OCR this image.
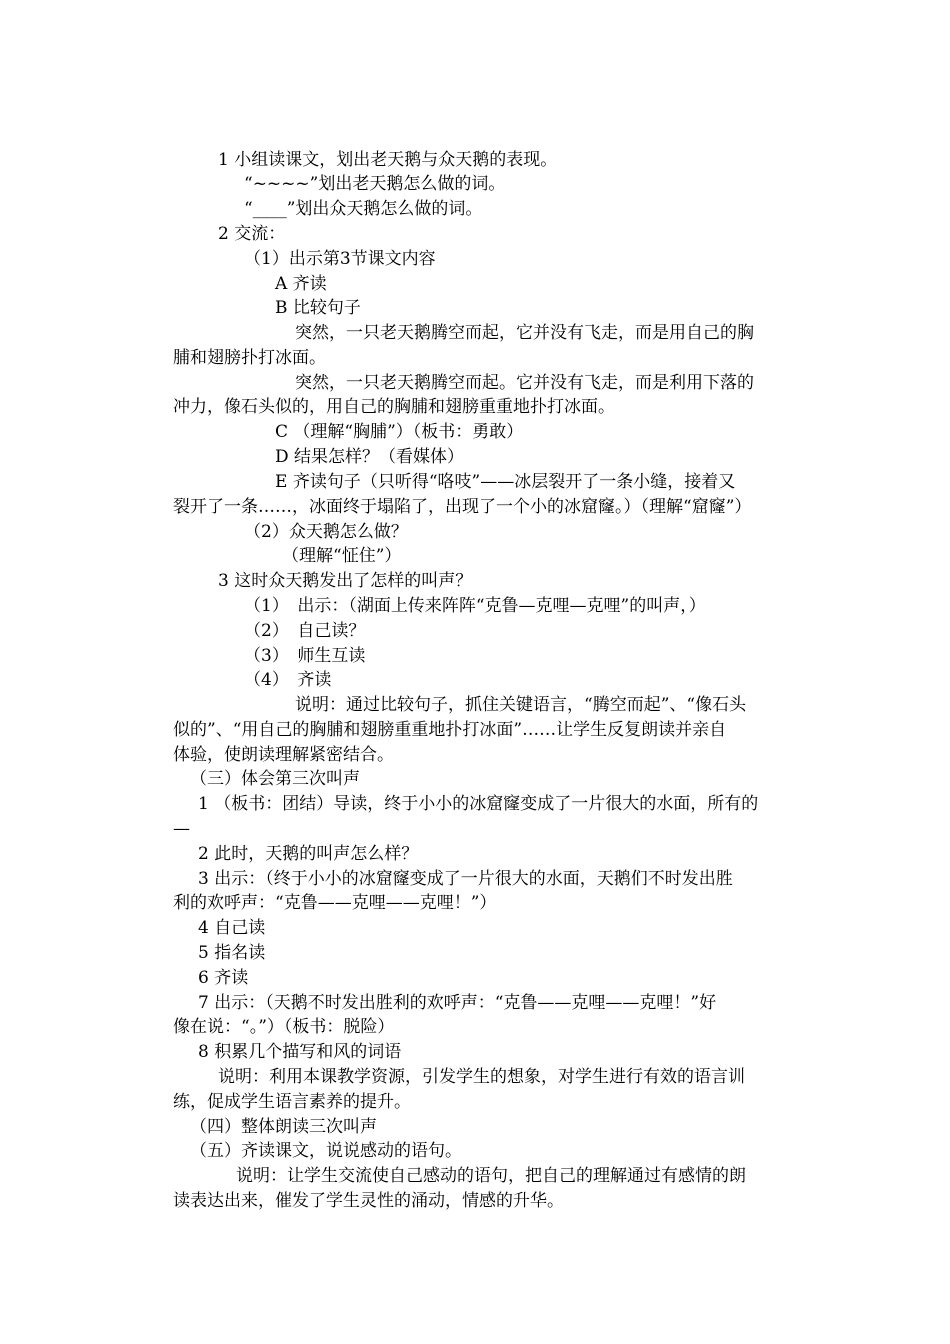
1 小组读课文，划出老天鹅与众天鹅的表现。
“~~~~”划出老天鹅怎么做的词。
“____”划出众天鹅怎么做的词。
2 交流：
（1）出示第3节课文内容
A 齐读
B 比较句子
突然，一只老天鹅腾空而起，它并没有飞走，而是用自己的胸
脯和翅膀扑打冰面。
突然，一只老天鹅腾空而起。它并没有飞走，而是利用下落的
冲力，像石头似的，用自己的胸脯和翅膀重重地扑打冰面。
C （理解“胸脯”）（板书：勇敢）
D 结果怎样？（看媒体）
E 齐读句子（只听得“咯吱”——冰层裂开了一条小缝，接着又
裂开了一条……，冰面终于塌陷了，出现了一个小的冰窟窿。）（理解“窟窿”）
（2）众天鹅怎么做？
（理解“怔住”）
3 这时众天鹅发出了怎样的叫声？
（1）　出示：（湖面上传来阵阵“克鲁—克哩—克哩”的叫声，）
（2）　自己读？
（3）　师生互读
（4）　齐读
说明：通过比较句子，抓住关键语言，“腾空而起”、“像石头
似的”、“用自己的胸脯和翅膀重重地扑打冰面”……让学生反复朗读并亲自
体验，使朗读理解紧密结合。
（三）体会第三次叫声
1 （板书：团结）导读，终于小小的冰窟窿变成了一片很大的水面，所有的
—
2 此时，天鹅的叫声怎么样？
3 出示：（终于小小的冰窟窿变成了一片很大的水面，天鹅们不时发出胜
利的欢呼声：“克鲁——克哩——克哩！”）
4 自己读
5 指名读
6 齐读
7 出示：（天鹅不时发出胜利的欢呼声：“克鲁——克哩——克哩！”好
像在说：“。”）（板书：脱险）
8 积累几个描写和风的词语
说明：利用本课教学资源，引发学生的想象，对学生进行有效的语言训
练，促成学生语言素养的提升。
（四）整体朗读三次叫声
（五）齐读课文，说说感动的语句。
说明：让学生交流使自己感动的语句，把自己的理解通过有感情的朗
读表达出来，催发了学生灵性的涌动，情感的升华。
